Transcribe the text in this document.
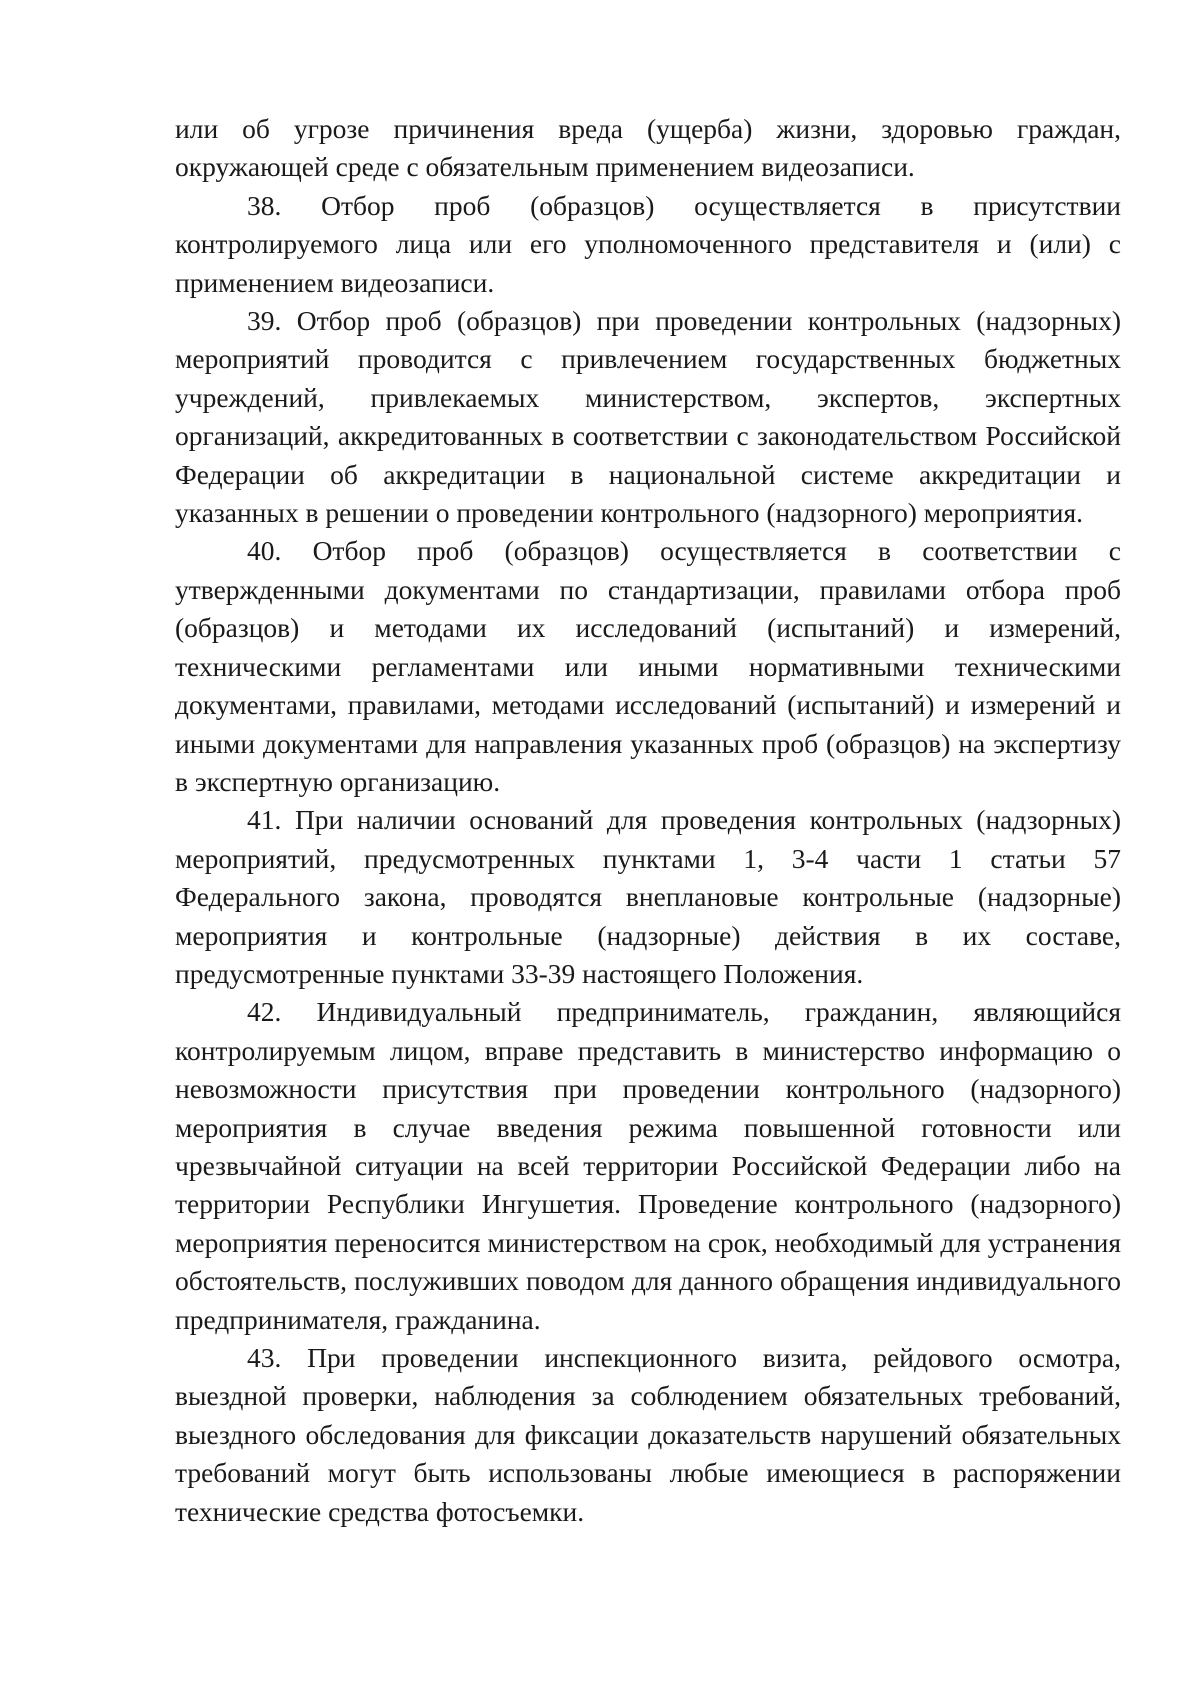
или об угрозе причинения вреда (ущерба) жизни, здоровью граждан, окружающей среде с обязательным применением видеозаписи.

38. Отбор проб (образцов) осуществляется в присутствии контролируемого лица или его уполномоченного представителя и (или) с применением видеозаписи.

39. Отбор проб (образцов) при проведении контрольных (надзорных) мероприятий проводится с привлечением государственных бюджетных учреждений, привлекаемых министерством, экспертов, экспертных организаций, аккредитованных в соответствии с законодательством Российской Федерации об аккредитации в национальной системе аккредитации и указанных в решении о проведении контрольного (надзорного) мероприятия.

40. Отбор проб (образцов) осуществляется в соответствии с утвержденными документами по стандартизации, правилами отбора проб (образцов) и методами их исследований (испытаний) и измерений, техническими регламентами или иными нормативными техническими документами, правилами, методами исследований (испытаний) и измерений и иными документами для направления указанных проб (образцов) на экспертизу в экспертную организацию.

41. При наличии оснований для проведения контрольных (надзорных) мероприятий, предусмотренных пунктами 1, 3-4 части 1 статьи 57 Федерального закона, проводятся внеплановые контрольные (надзорные) мероприятия и контрольные (надзорные) действия в их составе, предусмотренные пунктами 33-39 настоящего Положения.

42. Индивидуальный предприниматель, гражданин, являющийся контролируемым лицом, вправе представить в министерство информацию о невозможности присутствия при проведении контрольного (надзорного) мероприятия в случае введения режима повышенной готовности или чрезвычайной ситуации на всей территории Российской Федерации либо на территории Республики Ингушетия. Проведение контрольного (надзорного) мероприятия переносится министерством на срок, необходимый для устранения обстоятельств, послуживших поводом для данного обращения индивидуального предпринимателя, гражданина.

43. При проведении инспекционного визита, рейдового осмотра, выездной проверки, наблюдения за соблюдением обязательных требований, выездного обследования для фиксации доказательств нарушений обязательных требований могут быть использованы любые имеющиеся в распоряжении технические средства фотосъемки.
